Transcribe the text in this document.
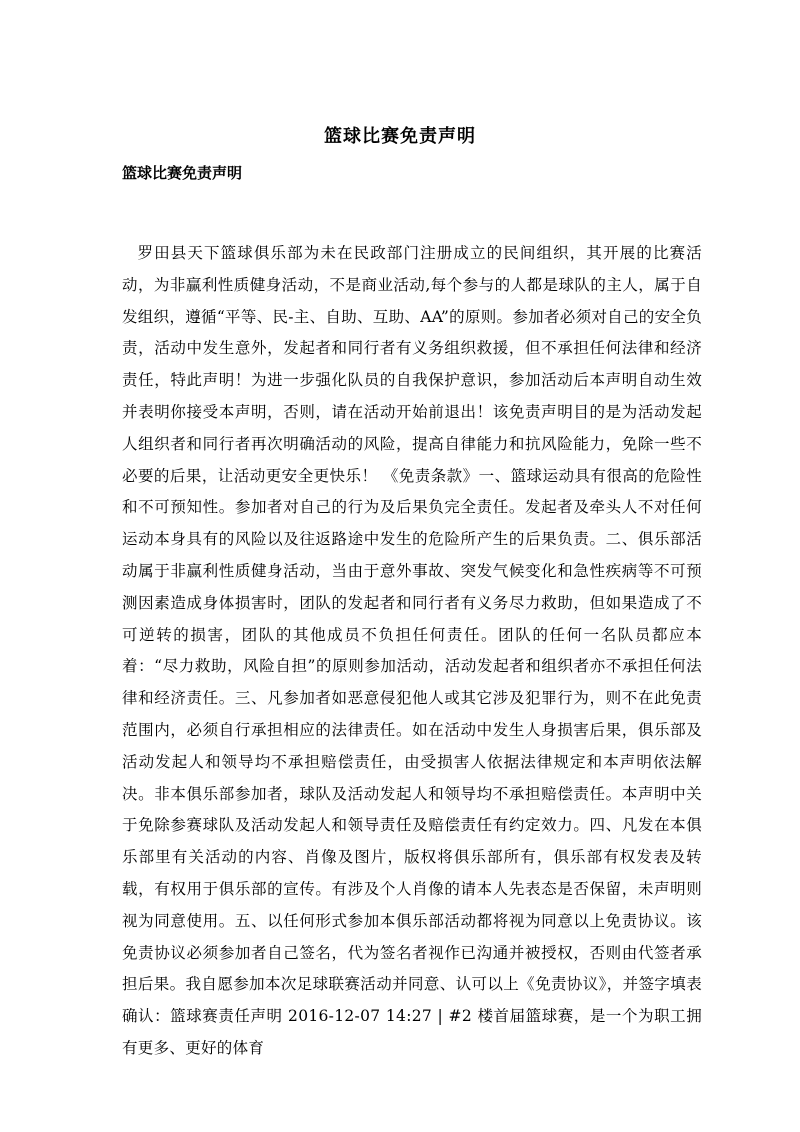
篮球比赛免责声明
篮球比赛免责声明

罗田县天下篮球俱乐部为未在民政部门注册成立的民间组织，其开展的比赛活动，为非赢利性质健身活动，不是商业活动,每个参与的人都是球队的主人，属于自发组织，遵循“平等、民-主、自助、互助、AA”的原则。参加者必须对自己的安全负责，活动中发生意外，发起者和同行者有义务组织救援，但不承担任何法律和经济责任，特此声明！为进一步强化队员的自我保护意识，参加活动后本声明自动生效并表明你接受本声明，否则，请在活动开始前退出！该免责声明目的是为活动发起人组织者和同行者再次明确活动的风险，提高自律能力和抗风险能力，免除一些不必要的后果，让活动更安全更快乐！ 《免责条款》一、篮球运动具有很高的危险性和不可预知性。参加者对自己的行为及后果负完全责任。发起者及牵头人不对任何运动本身具有的风险以及往返路途中发生的危险所产生的后果负责。二、俱乐部活动属于非赢利性质健身活动，当由于意外事故、突发气候变化和急性疾病等不可预测因素造成身体损害时，团队的发起者和同行者有义务尽力救助，但如果造成了不可逆转的损害，团队的其他成员不负担任何责任。团队的任何一名队员都应本着：“尽力救助，风险自担”的原则参加活动，活动发起者和组织者亦不承担任何法律和经济责任。三、凡参加者如恶意侵犯他人或其它涉及犯罪行为，则不在此免责范围内，必须自行承担相应的法律责任。如在活动中发生人身损害后果，俱乐部及活动发起人和领导均不承担赔偿责任，由受损害人依据法律规定和本声明依法解决。非本俱乐部参加者，球队及活动发起人和领导均不承担赔偿责任。本声明中关于免除参赛球队及活动发起人和领导责任及赔偿责任有约定效力。四、凡发在本俱乐部里有关活动的内容、肖像及图片，版权将俱乐部所有，俱乐部有权发表及转载，有权用于俱乐部的宣传。有涉及个人肖像的请本人先表态是否保留，未声明则视为同意使用。五、以任何形式参加本俱乐部活动都将视为同意以上免责协议。该免责协议必须参加者自己签名，代为签名者视作已沟通并被授权，否则由代签者承担后果。我自愿参加本次足球联赛活动并同意、认可以上《免责协议》，并签字填表确认：篮球赛责任声明 2016-12-07 14:27 | #2 楼首届篮球赛，是一个为职工拥有更多、更好的体育
